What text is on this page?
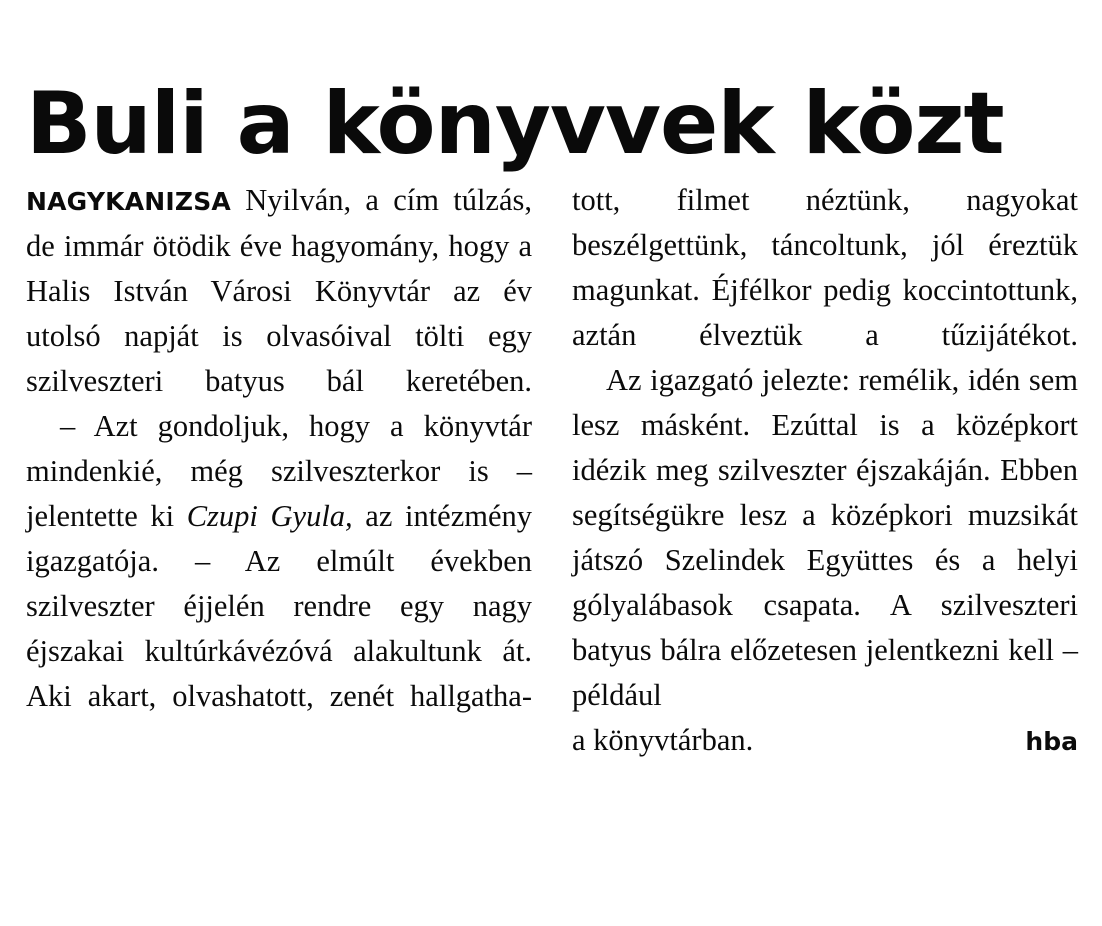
Buli a könyvvek közt

NAGYKANIZSA Nyilván, a cím túlzás, de immár ötödik éve hagyomány, hogy a Halis István Városi Könyvtár az év utolsó napját is olvasóival tölti egy szilveszteri batyus bál keretében.

– Azt gondoljuk, hogy a könyvtár mindenkié, még szilveszterkor is – jelentette ki Czupi Gyula, az intézmény igazgatója. – Az elmúlt években szilveszter éjjelén rendre egy nagy éjszakai kultúrkávézóvá alakultunk át. Aki akart, olvashatott, zenét hallgatha-

tott, filmet néztünk, nagyokat beszélgettünk, táncoltunk, jól éreztük magunkat. Éjfélkor pedig koccintottunk, aztán élveztük a tűzijátékot.

Az igazgató jelezte: remélik, idén sem lesz másként. Ezúttal is a középkort idézik meg szilveszter éjszakáján. Ebben segítségükre lesz a középkori muzsikát játszó Szelindek Együttes és a helyi gólyalábasok csapata. A szilveszteri batyus bálra előzetesen jelentkezni kell – például

a könyvtárban.	hba
